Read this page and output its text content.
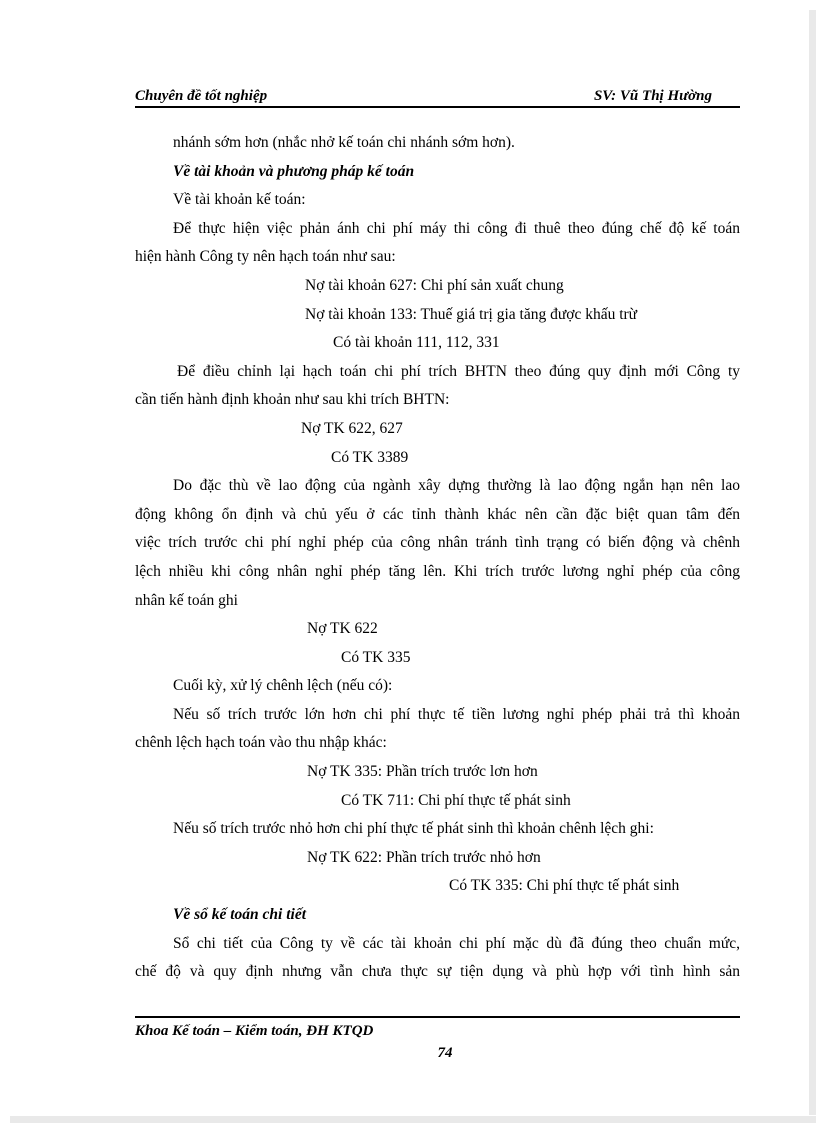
Chuyên đề tốt nghiệp	SV: Vũ Thị Hường
nhánh sớm hơn (nhắc nhở kế toán chi nhánh sớm hơn).
Về tài khoản và phương pháp kế toán
Về tài khoản kế toán:
Để thực hiện việc phản ánh chi phí máy thi công đi thuê theo đúng chế độ kế toán
hiện hành Công ty nên hạch toán như sau:
Nợ tài khoản 627: Chi phí sản xuất chung
Nợ tài khoản 133: Thuế giá trị gia tăng được khấu trừ
Có tài khoản 111, 112, 331
Để điều chỉnh lại hạch toán chi phí trích BHTN theo đúng quy định mới Công ty
cần tiến hành định khoản như sau khi trích BHTN:
Nợ TK 622, 627
Có TK 3389
Do đặc thù về lao động của ngành xây dựng thường là lao động ngắn hạn nên lao
động không ổn định và chủ yếu ở các tỉnh thành khác nên cần đặc biệt quan tâm đến
việc trích trước chi phí nghỉ phép của công nhân tránh tình trạng có biến động và chênh
lệch nhiều khi công nhân nghỉ phép tăng lên. Khi trích trước lương nghỉ phép của công
nhân kế toán ghi
Nợ TK 622
Có TK 335
Cuối kỳ, xử lý chênh lệch (nếu có):
Nếu số trích trước lớn hơn chi phí thực tế tiền lương nghỉ phép phải trả thì khoản
chênh lệch hạch toán vào thu nhập khác:
Nợ TK 335: Phần trích trước lơn hơn
Có TK 711: Chi phí thực tế phát sinh
Nếu số trích trước nhỏ hơn chi phí thực tế phát sinh thì khoản chênh lệch ghi:
Nợ TK 622: Phần trích trước nhỏ hơn
Có TK 335: Chi phí thực tế phát sinh
Về sổ kế toán chi tiết
Sổ chi tiết của Công ty về các tài khoản chi phí mặc dù đã đúng theo chuẩn mức,
chế độ và quy định nhưng vẫn chưa thực sự tiện dụng và phù hợp với tình hình sản
Khoa Kế toán – Kiểm toán, ĐH KTQD
74
